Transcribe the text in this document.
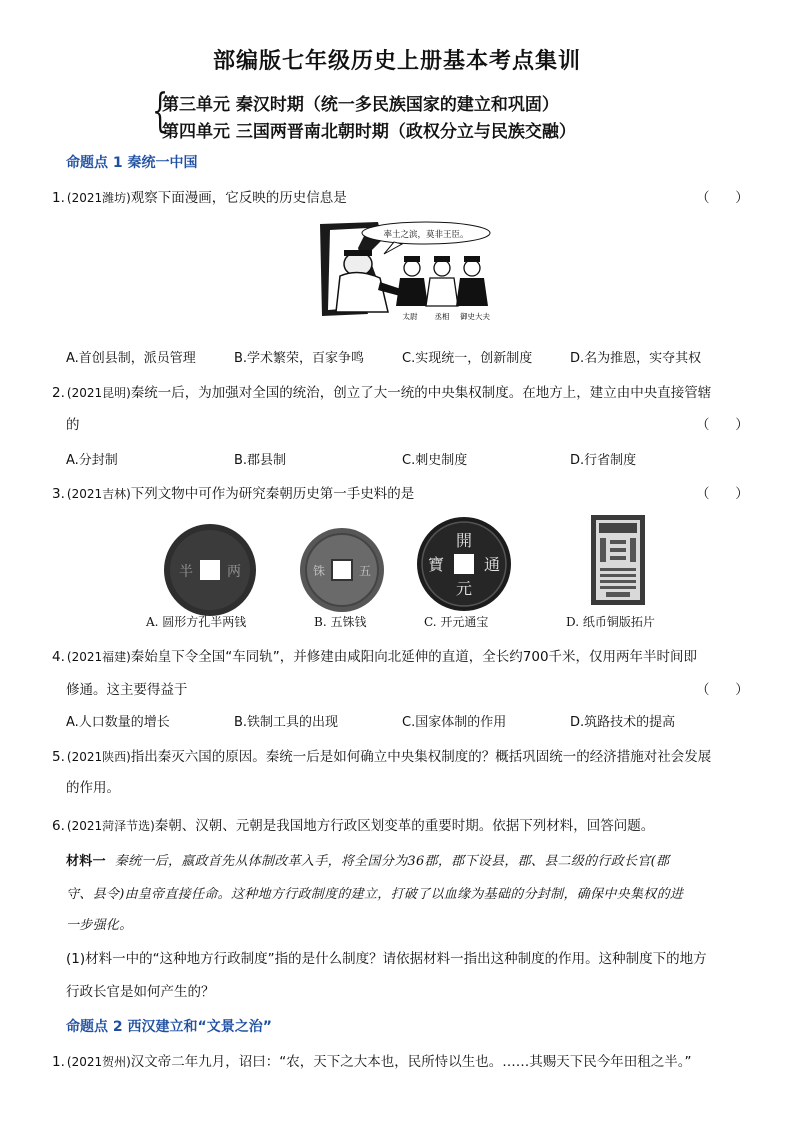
部编版七年级历史上册基本考点集训
{
第三单元 秦汉时期（统一多民族国家的建立和巩固）
第四单元 三国两晋南北朝时期（政权分立与民族交融）
命题点 1 秦统一中国
1. (2021潍坊)观察下面漫画，它反映的历史信息是	（      ）
率土之滨，莫非王臣。
太尉 丞相 御史大夫
A.首创县制，派员管理	B.学术繁荣，百家争鸣	C.实现统一，创新制度	D.名为推恩，实夺其权
2. (2021昆明)秦统一后，为加强对全国的统治，创立了大一统的中央集权制度。在地方上，建立由中央直接管辖
的	（      ）
A.分封制	B.郡县制	C.刺史制度	D.行省制度
3. (2021吉林)下列文物中可作为研究秦朝历史第一手史料的是	（      ）
半 两	铢	五
開
元
通
寶
A. 圆形方孔半两钱	B. 五铢钱	C. 开元通宝	D. 纸币铜版拓片
4. (2021福建)秦始皇下令全国“车同轨”，并修建由咸阳向北延伸的直道，全长约700千米，仅用两年半时间即
修通。这主要得益于	（      ）
A.人口数量的增长	B.铁制工具的出现	C.国家体制的作用	D.筑路技术的提高
5. (2021陕西)指出秦灭六国的原因。秦统一后是如何确立中央集权制度的？概括巩固统一的经济措施对社会发展
的作用。
6. (2021菏泽节选)秦朝、汉朝、元朝是我国地方行政区划变革的重要时期。依据下列材料，回答问题。
材料一 秦统一后，嬴政首先从体制改革入手，将全国分为36郡，郡下设县，郡、县二级的行政长官(郡
守、县令)由皇帝直接任命。这种地方行政制度的建立，打破了以血缘为基础的分封制，确保中央集权的进
一步强化。
(1)材料一中的“这种地方行政制度”指的是什么制度？请依据材料一指出这种制度的作用。这种制度下的地方
行政长官是如何产生的？
命题点 2 西汉建立和“文景之治”
1. (2021贺州)汉文帝二年九月，诏曰：“农，天下之大本也，民所恃以生也。……其赐天下民今年田租之半。”
